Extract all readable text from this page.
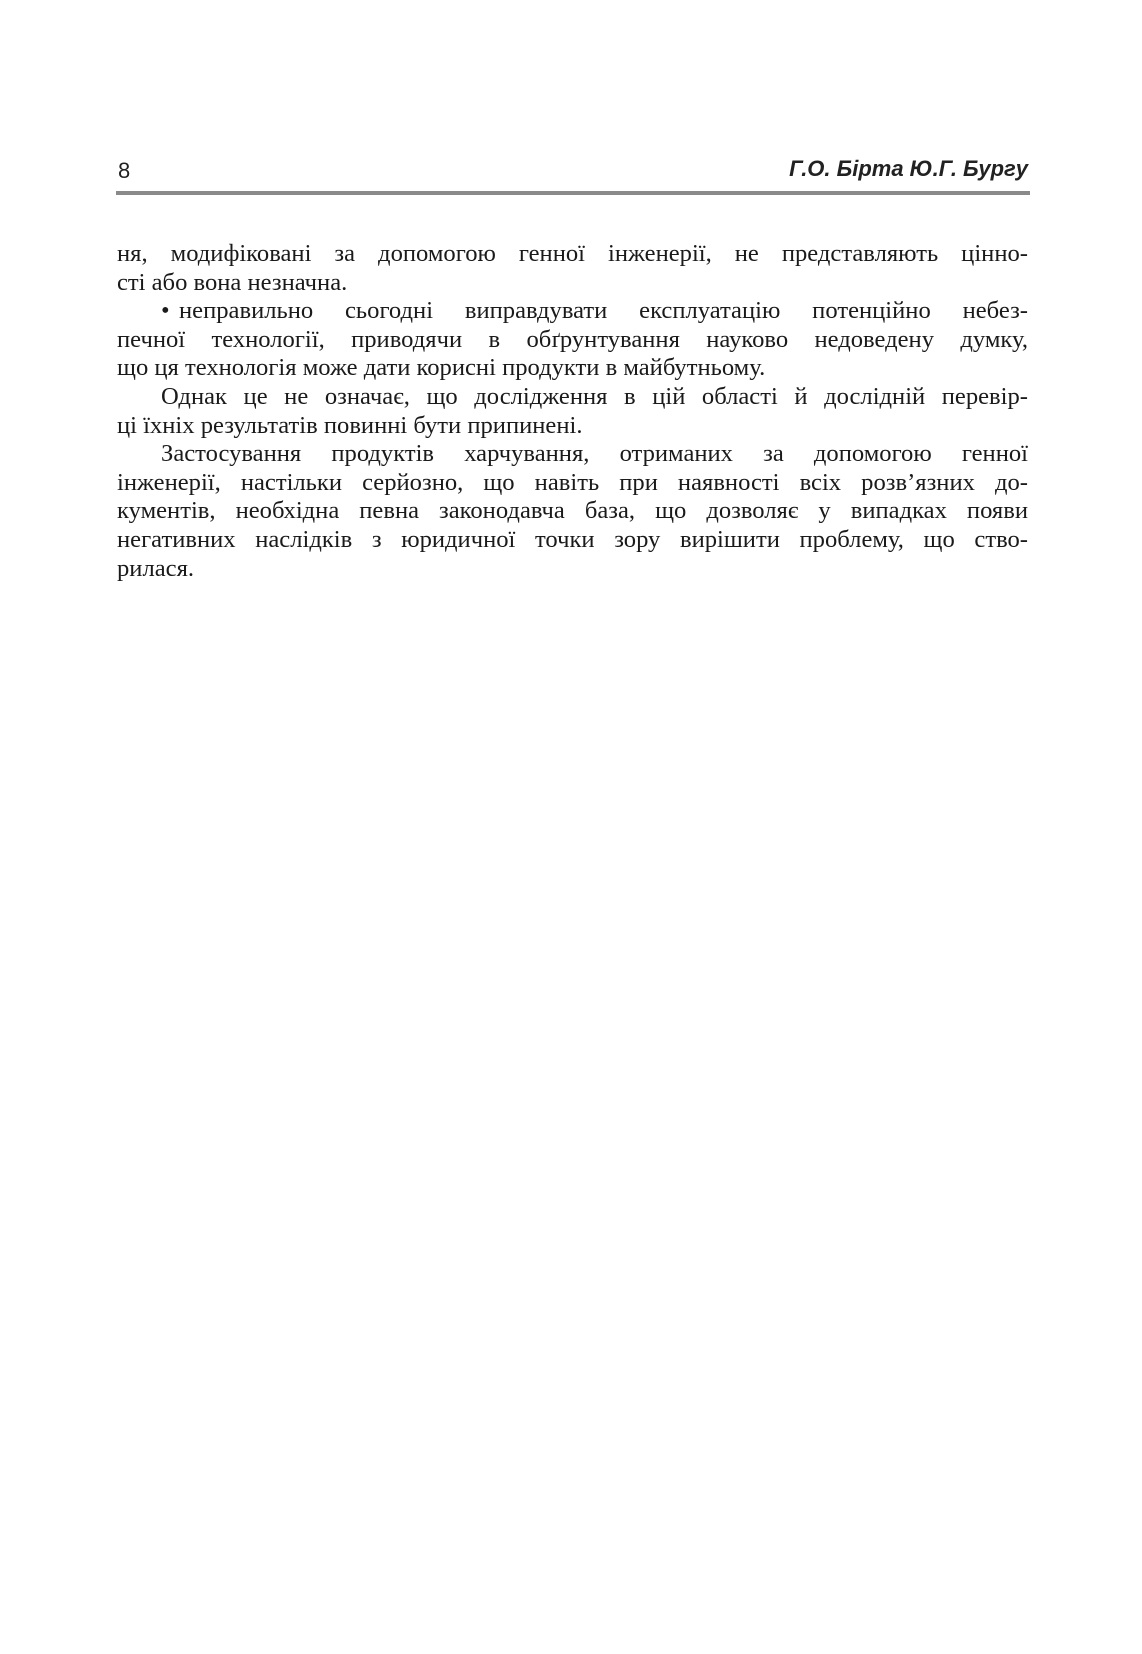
8	Г.О. Бірта Ю.Г. Бургу

ня, модифіковані за допомогою генної інженерії, не представляють цінно-
сті або вона незначна.

• неправильно сьогодні виправдувати експлуатацію потенційно небез-
печної технології, приводячи в обґрунтування науково недоведену думку,
що ця технологія може дати корисні продукти в майбутньому.

Однак це не означає, що дослідження в цій області й дослідній перевір-
ці їхніх результатів повинні бути припинені.

Застосування продуктів харчування, отриманих за допомогою генної
інженерії, настільки серйозно, що навіть при наявності всіх розв’язних до-
кументів, необхідна певна законодавча база, що дозволяє у випадках появи
негативних наслідків з юридичної точки зору вирішити проблему, що ство-
рилася.
